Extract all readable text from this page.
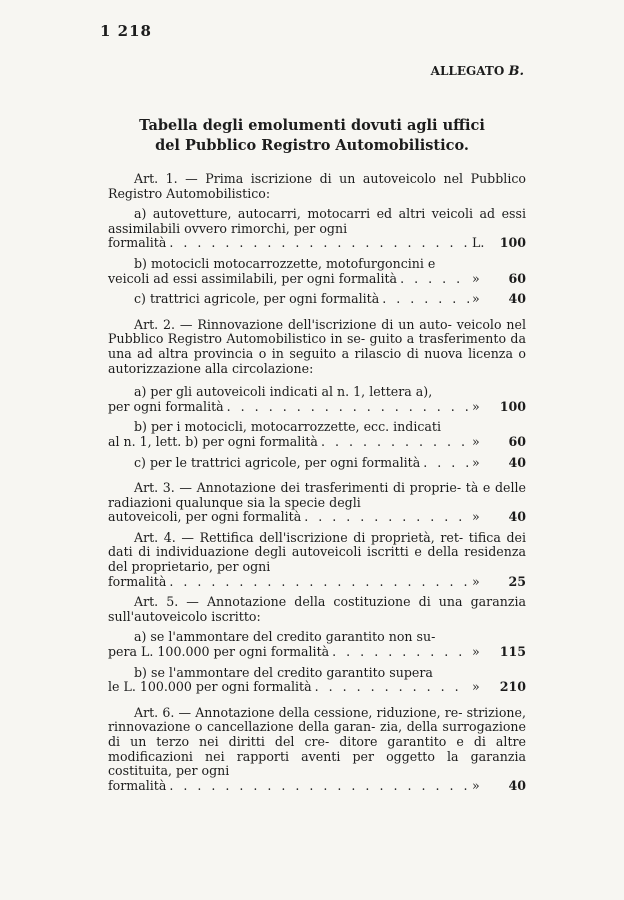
1 218
ALLEGATO B.
Tabella degli emolumenti dovuti agli uffici
del Pubblico Registro Automobilistico.

Art. 1. — Prima iscrizione di un autoveicolo nel Pubblico Registro Automobilistico:

a) autovetture, autocarri, motocarri ed altri veicoli ad essi assimilabili ovvero rimorchi, per ogni

formalità . . .	L.	100

b) motocicli motocarrozzette, motofurgoncini e

veicoli ad essi assimilabili, per ogni formalità . . .	»	60
c) trattrici agricole, per ogni formalità . . .	»	40

Art. 2. — Rinnovazione dell'iscrizione di un auto- veicolo nel Pubblico Registro Automobilistico in se- guito a trasferimento da una ad altra provincia o in seguito a rilascio di nuova licenza o autorizzazione alla circolazione:

a) per gli autoveicoli indicati al n. 1, lettera a),

per ogni formalità . . .	»	100

b) per i motocicli, motocarrozzette, ecc. indicati

al n. 1, lett. b) per ogni formalità . . .	»	60
c) per le trattrici agricole, per ogni formalità . . .	»	40

Art. 3. — Annotazione dei trasferimenti di proprie- tà e delle radiazioni qualunque sia la specie degli

autoveicoli, per ogni formalità . . .	»	40

Art. 4. — Rettifica dell'iscrizione di proprietà, ret- tifica dei dati di individuazione degli autoveicoli iscritti e della residenza del proprietario, per ogni

formalità . . .	»	25

Art. 5. — Annotazione della costituzione di una garanzia sull'autoveicolo iscritto:

a) se l'ammontare del credito garantito non su-

pera L. 100.000 per ogni formalità . . .	»	115

b) se l'ammontare del credito garantito supera

le L. 100.000 per ogni formalità . . .	»	210

Art. 6. — Annotazione della cessione, riduzione, re- strizione, rinnovazione o cancellazione della garan- zia, della surrogazione di un terzo nei diritti del cre- ditore garantito e di altre modificazioni nei rapporti aventi per oggetto la garanzia costituita, per ogni

formalità . . .	»	40
